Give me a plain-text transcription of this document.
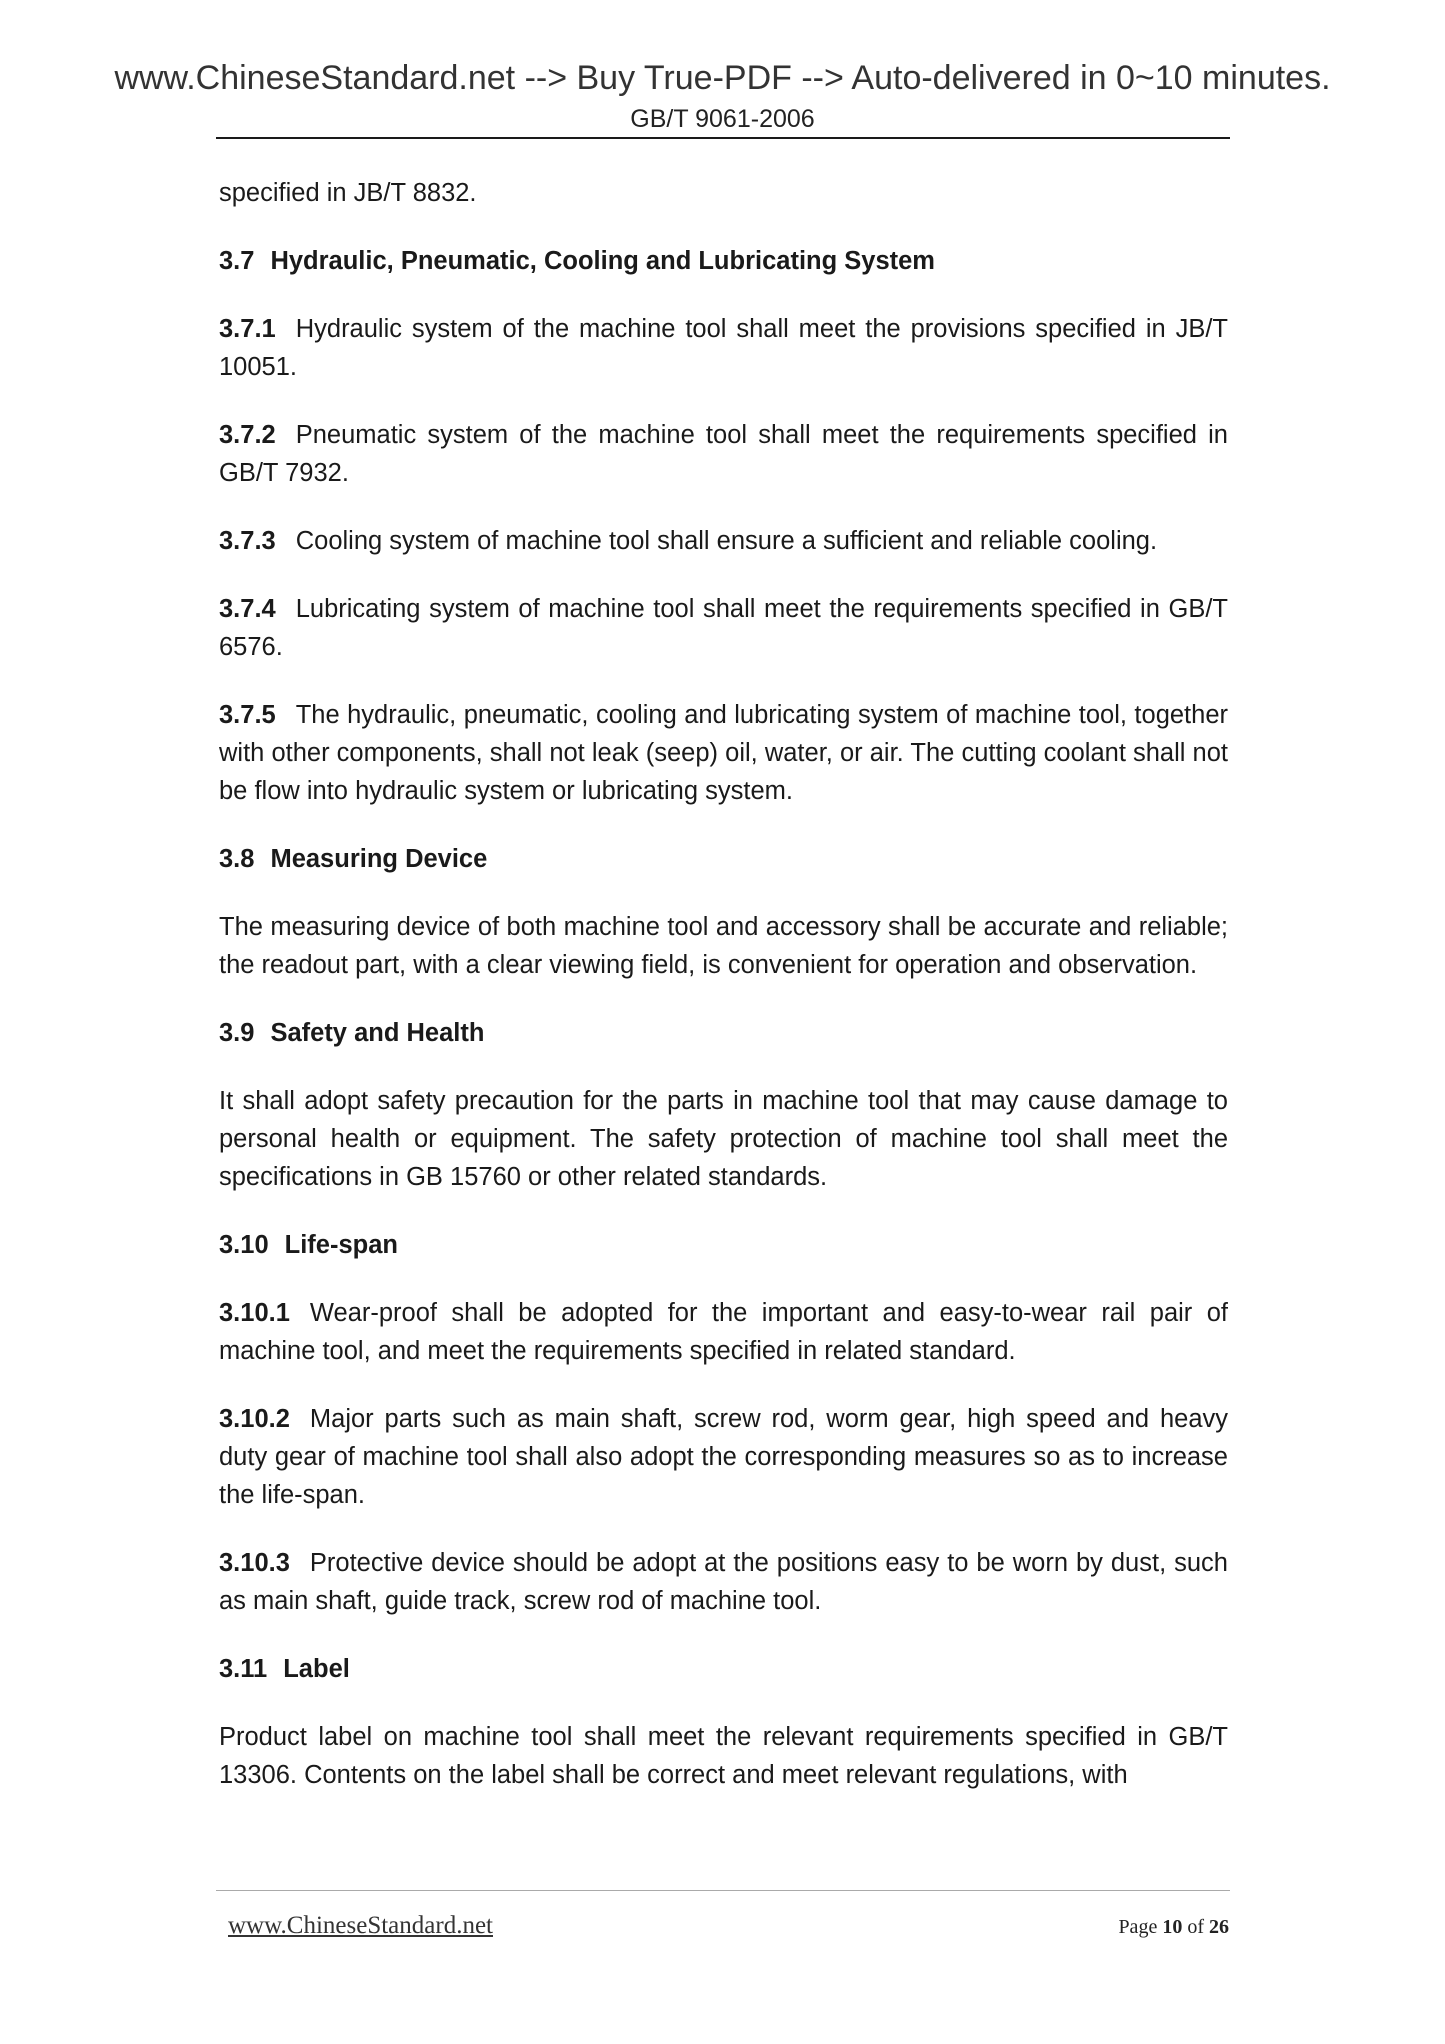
www.ChineseStandard.net --> Buy True-PDF --> Auto-delivered in 0~10 minutes.
GB/T 9061-2006

specified in JB/T 8832.

3.7 Hydraulic, Pneumatic, Cooling and Lubricating System

3.7.1 Hydraulic system of the machine tool shall meet the provisions specified in JB/T 10051.

3.7.2 Pneumatic system of the machine tool shall meet the requirements specified in GB/T 7932.

3.7.3 Cooling system of machine tool shall ensure a sufficient and reliable cooling.

3.7.4 Lubricating system of machine tool shall meet the requirements specified in GB/T 6576.

3.7.5 The hydraulic, pneumatic, cooling and lubricating system of machine tool, together with other components, shall not leak (seep) oil, water, or air. The cutting coolant shall not be flow into hydraulic system or lubricating system.

3.8 Measuring Device

The measuring device of both machine tool and accessory shall be accurate and reliable; the readout part, with a clear viewing field, is convenient for operation and observation.

3.9 Safety and Health

It shall adopt safety precaution for the parts in machine tool that may cause damage to personal health or equipment. The safety protection of machine tool shall meet the specifications in GB 15760 or other related standards.

3.10 Life-span

3.10.1 Wear-proof shall be adopted for the important and easy-to-wear rail pair of machine tool, and meet the requirements specified in related standard.

3.10.2 Major parts such as main shaft, screw rod, worm gear, high speed and heavy duty gear of machine tool shall also adopt the corresponding measures so as to increase the life-span.

3.10.3 Protective device should be adopt at the positions easy to be worn by dust, such as main shaft, guide track, screw rod of machine tool.

3.11 Label

Product label on machine tool shall meet the relevant requirements specified in GB/T 13306. Contents on the label shall be correct and meet relevant regulations, with

www.ChineseStandard.net	Page 10 of 26
